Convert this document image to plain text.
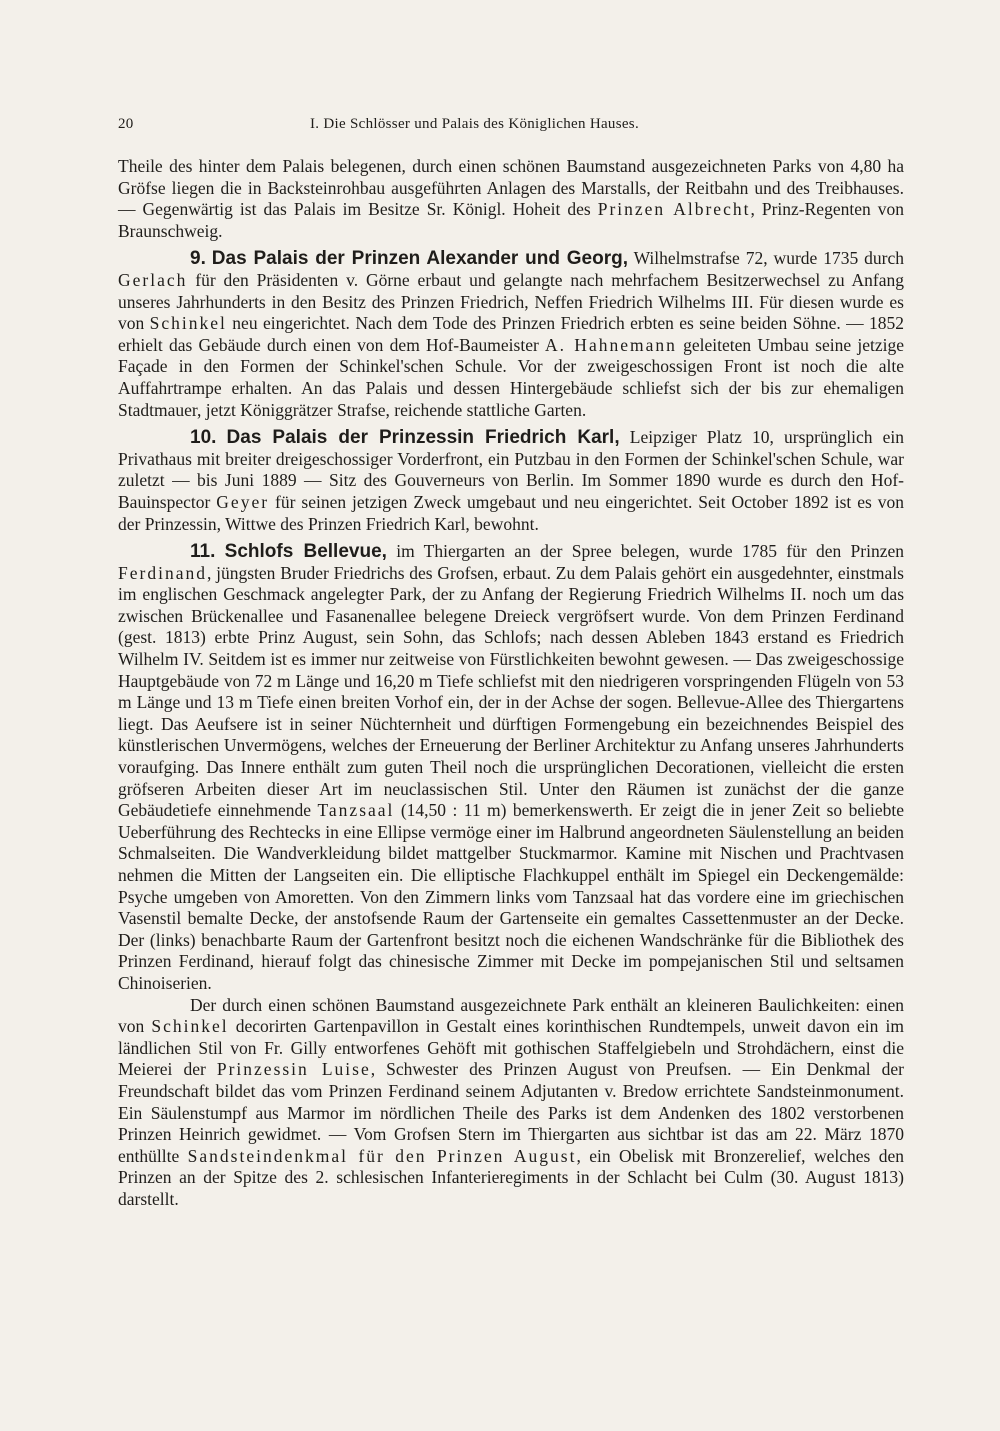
20	I. Die Schlösser und Palais des Königlichen Hauses.

Theile des hinter dem Palais belegenen, durch einen schönen Baumstand ausgezeichneten Parks von 4,80 ha Gröfse liegen die in Backsteinrohbau ausgeführten Anlagen des Marstalls, der Reitbahn und des Treibhauses. — Gegenwärtig ist das Palais im Besitze Sr. Königl. Hoheit des Prinzen Albrecht, Prinz-Regenten von Braunschweig.

9. Das Palais der Prinzen Alexander und Georg, Wilhelmstrafse 72, wurde 1735 durch Gerlach für den Präsidenten v. Görne erbaut und gelangte nach mehrfachem Besitzerwechsel zu Anfang unseres Jahrhunderts in den Besitz des Prinzen Friedrich, Neffen Friedrich Wilhelms III. Für diesen wurde es von Schinkel neu eingerichtet. Nach dem Tode des Prinzen Friedrich erbten es seine beiden Söhne. — 1852 erhielt das Gebäude durch einen von dem Hof-Baumeister A. Hahnemann geleiteten Umbau seine jetzige Façade in den Formen der Schinkel'schen Schule. Vor der zweigeschossigen Front ist noch die alte Auffahrtrampe erhalten. An das Palais und dessen Hintergebäude schliefst sich der bis zur ehemaligen Stadtmauer, jetzt Königgrätzer Strafse, reichende stattliche Garten.

10. Das Palais der Prinzessin Friedrich Karl, Leipziger Platz 10, ursprünglich ein Privathaus mit breiter dreigeschossiger Vorderfront, ein Putzbau in den Formen der Schinkel'schen Schule, war zuletzt — bis Juni 1889 — Sitz des Gouverneurs von Berlin. Im Sommer 1890 wurde es durch den Hof-Bauinspector Geyer für seinen jetzigen Zweck umgebaut und neu eingerichtet. Seit October 1892 ist es von der Prinzessin, Wittwe des Prinzen Friedrich Karl, bewohnt.

11. Schlofs Bellevue, im Thiergarten an der Spree belegen, wurde 1785 für den Prinzen Ferdinand, jüngsten Bruder Friedrichs des Grofsen, erbaut. Zu dem Palais gehört ein ausgedehnter, einstmals im englischen Geschmack angelegter Park, der zu Anfang der Regierung Friedrich Wilhelms II. noch um das zwischen Brückenallee und Fasanenallee belegene Dreieck vergröfsert wurde. Von dem Prinzen Ferdinand (gest. 1813) erbte Prinz August, sein Sohn, das Schlofs; nach dessen Ableben 1843 erstand es Friedrich Wilhelm IV. Seitdem ist es immer nur zeitweise von Fürstlichkeiten bewohnt gewesen. — Das zweigeschossige Hauptgebäude von 72 m Länge und 16,20 m Tiefe schliefst mit den niedrigeren vorspringenden Flügeln von 53 m Länge und 13 m Tiefe einen breiten Vorhof ein, der in der Achse der sogen. Bellevue-Allee des Thiergartens liegt. Das Aeufsere ist in seiner Nüchternheit und dürftigen Formengebung ein bezeichnendes Beispiel des künstlerischen Unvermögens, welches der Erneuerung der Berliner Architektur zu Anfang unseres Jahrhunderts voraufging. Das Innere enthält zum guten Theil noch die ursprünglichen Decorationen, vielleicht die ersten gröfseren Arbeiten dieser Art im neuclassischen Stil. Unter den Räumen ist zunächst der die ganze Gebäudetiefe einnehmende Tanzsaal (14,50 : 11 m) bemerkenswerth. Er zeigt die in jener Zeit so beliebte Ueberführung des Rechtecks in eine Ellipse vermöge einer im Halbrund angeordneten Säulenstellung an beiden Schmalseiten. Die Wandverkleidung bildet mattgelber Stuckmarmor. Kamine mit Nischen und Prachtvasen nehmen die Mitten der Langseiten ein. Die elliptische Flachkuppel enthält im Spiegel ein Deckengemälde: Psyche umgeben von Amoretten. Von den Zimmern links vom Tanzsaal hat das vordere eine im griechischen Vasenstil bemalte Decke, der anstofsende Raum der Gartenseite ein gemaltes Cassettenmuster an der Decke. Der (links) benachbarte Raum der Gartenfront besitzt noch die eichenen Wandschränke für die Bibliothek des Prinzen Ferdinand, hierauf folgt das chinesische Zimmer mit Decke im pompejanischen Stil und seltsamen Chinoiserien.

Der durch einen schönen Baumstand ausgezeichnete Park enthält an kleineren Baulichkeiten: einen von Schinkel decorirten Gartenpavillon in Gestalt eines korinthischen Rundtempels, unweit davon ein im ländlichen Stil von Fr. Gilly entworfenes Gehöft mit gothischen Staffelgiebeln und Strohdächern, einst die Meierei der Prinzessin Luise, Schwester des Prinzen August von Preufsen. — Ein Denkmal der Freundschaft bildet das vom Prinzen Ferdinand seinem Adjutanten v. Bredow errichtete Sandsteinmonument. Ein Säulenstumpf aus Marmor im nördlichen Theile des Parks ist dem Andenken des 1802 verstorbenen Prinzen Heinrich gewidmet. — Vom Grofsen Stern im Thiergarten aus sichtbar ist das am 22. März 1870 enthüllte Sandsteindenkmal für den Prinzen August, ein Obelisk mit Bronzerelief, welches den Prinzen an der Spitze des 2. schlesischen Infanterieregiments in der Schlacht bei Culm (30. August 1813) darstellt.
